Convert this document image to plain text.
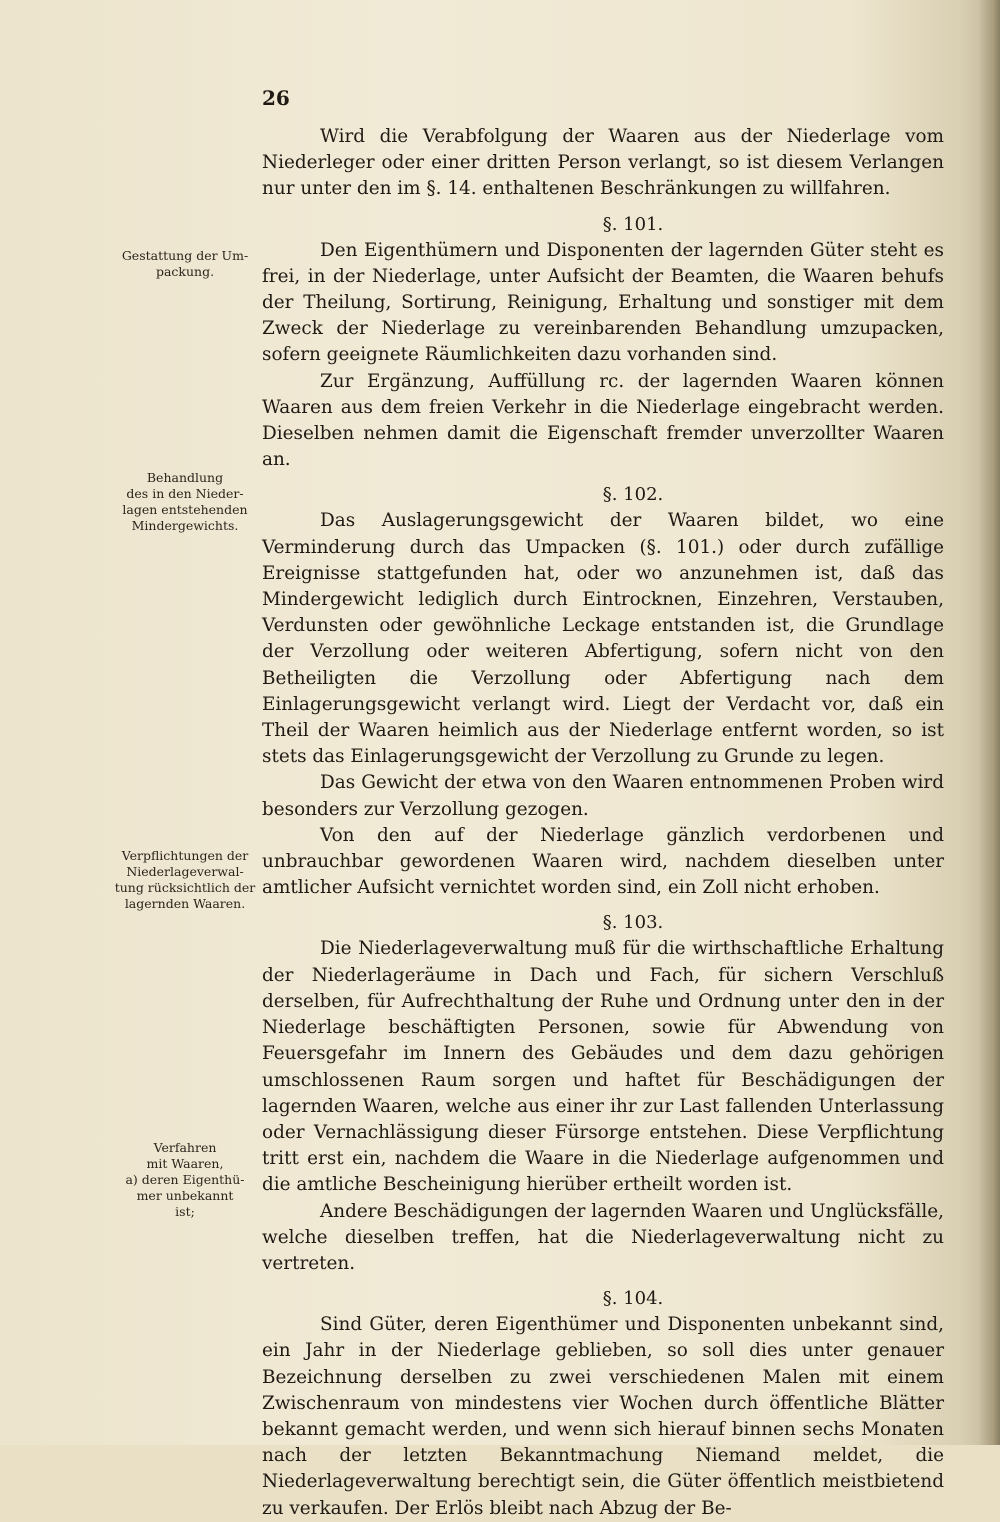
26

Wird die Verabfolgung der Waaren aus der Niederlage vom Niederleger oder einer dritten Person verlangt, so ist diesem Verlangen nur unter den im §. 14. enthaltenen Beschränkungen zu willfahren.

§. 101.

Den Eigenthümern und Disponenten der lagernden Güter steht es frei, in der Niederlage, unter Aufsicht der Beamten, die Waaren behufs der Theilung, Sortirung, Reinigung, Erhaltung und sonstiger mit dem Zweck der Niederlage zu vereinbarenden Behandlung umzupacken, sofern geeignete Räumlichkeiten dazu vorhanden sind.

Zur Ergänzung, Auffüllung rc. der lagernden Waaren können Waaren aus dem freien Verkehr in die Niederlage eingebracht werden. Dieselben nehmen damit die Eigenschaft fremder unverzollter Waaren an.

§. 102.

Das Auslagerungsgewicht der Waaren bildet, wo eine Verminderung durch das Umpacken (§. 101.) oder durch zufällige Ereignisse stattgefunden hat, oder wo anzunehmen ist, daß das Mindergewicht lediglich durch Eintrocknen, Einzehren, Verstauben, Verdunsten oder gewöhnliche Leckage entstanden ist, die Grundlage der Verzollung oder weiteren Abfertigung, sofern nicht von den Betheiligten die Verzollung oder Abfertigung nach dem Einlagerungsgewicht verlangt wird. Liegt der Verdacht vor, daß ein Theil der Waaren heimlich aus der Niederlage entfernt worden, so ist stets das Einlagerungsgewicht der Verzollung zu Grunde zu legen.

Das Gewicht der etwa von den Waaren entnommenen Proben wird besonders zur Verzollung gezogen.

Von den auf der Niederlage gänzlich verdorbenen und unbrauchbar gewordenen Waaren wird, nachdem dieselben unter amtlicher Aufsicht vernichtet worden sind, ein Zoll nicht erhoben.

§. 103.

Die Niederlageverwaltung muß für die wirthschaftliche Erhaltung der Niederlageräume in Dach und Fach, für sichern Verschluß derselben, für Aufrechthaltung der Ruhe und Ordnung unter den in der Niederlage beschäftigten Personen, sowie für Abwendung von Feuersgefahr im Innern des Gebäudes und dem dazu gehörigen umschlossenen Raum sorgen und haftet für Beschädigungen der lagernden Waaren, welche aus einer ihr zur Last fallenden Unterlassung oder Vernachlässigung dieser Fürsorge entstehen. Diese Verpflichtung tritt erst ein, nachdem die Waare in die Niederlage aufgenommen und die amtliche Bescheinigung hierüber ertheilt worden ist.

Andere Beschädigungen der lagernden Waaren und Unglücksfälle, welche dieselben treffen, hat die Niederlageverwaltung nicht zu vertreten.

§. 104.

Sind Güter, deren Eigenthümer und Disponenten unbekannt sind, ein Jahr in der Niederlage geblieben, so soll dies unter genauer Bezeichnung derselben zu zwei verschiedenen Malen mit einem Zwischenraum von mindestens vier Wochen durch öffentliche Blätter bekannt gemacht werden, und wenn sich hierauf binnen sechs Monaten nach der letzten Bekanntmachung Niemand meldet, die Niederlageverwaltung berechtigt sein, die Güter öffentlich meistbietend zu verkaufen. Der Erlös bleibt nach Abzug der Be-

Gestattung der Um-
packung.
Behandlung
des in den Nieder-
lagen entstehenden
Mindergewichts.
Verpflichtungen der
Niederlageverwal-
tung rücksichtlich der
lagernden Waaren.
Verfahren
mit Waaren,
a) deren Eigenthü-
mer unbekannt
ist;
